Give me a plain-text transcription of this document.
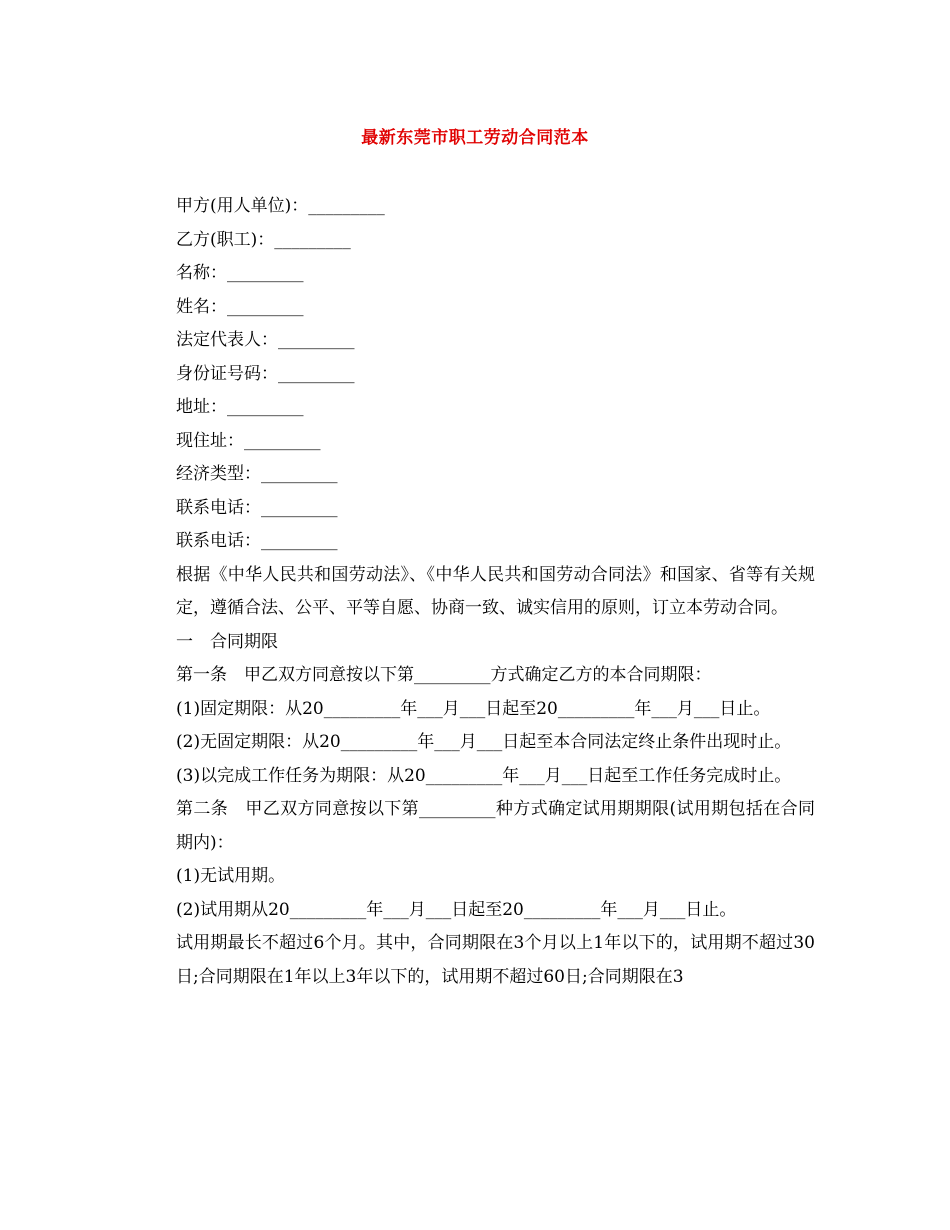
最新东莞市职工劳动合同范本

甲方(用人单位)：_________

乙方(职工)：_________

名称：_________

姓名：_________

法定代表人：_________

身份证号码：_________

地址：_________

现住址：_________

经济类型：_________

联系电话：_________

联系电话：_________

根据《中华人民共和国劳动法》、《中华人民共和国劳动合同法》和国家、省等有关规定，遵循合法、公平、平等自愿、协商一致、诚实信用的原则，订立本劳动合同。

一　合同期限

第一条　甲乙双方同意按以下第_________方式确定乙方的本合同期限：

(1)固定期限：从20_________年___月___日起至20_________年___月___日止。

(2)无固定期限：从20_________年___月___日起至本合同法定终止条件出现时止。

(3)以完成工作任务为期限：从20_________年___月___日起至工作任务完成时止。

第二条　甲乙双方同意按以下第_________种方式确定试用期期限(试用期包括在合同期内)：

(1)无试用期。

(2)试用期从20_________年___月___日起至20_________年___月___日止。

试用期最长不超过6个月。其中，合同期限在3个月以上1年以下的，试用期不超过30日;合同期限在1年以上3年以下的，试用期不超过60日;合同期限在3
